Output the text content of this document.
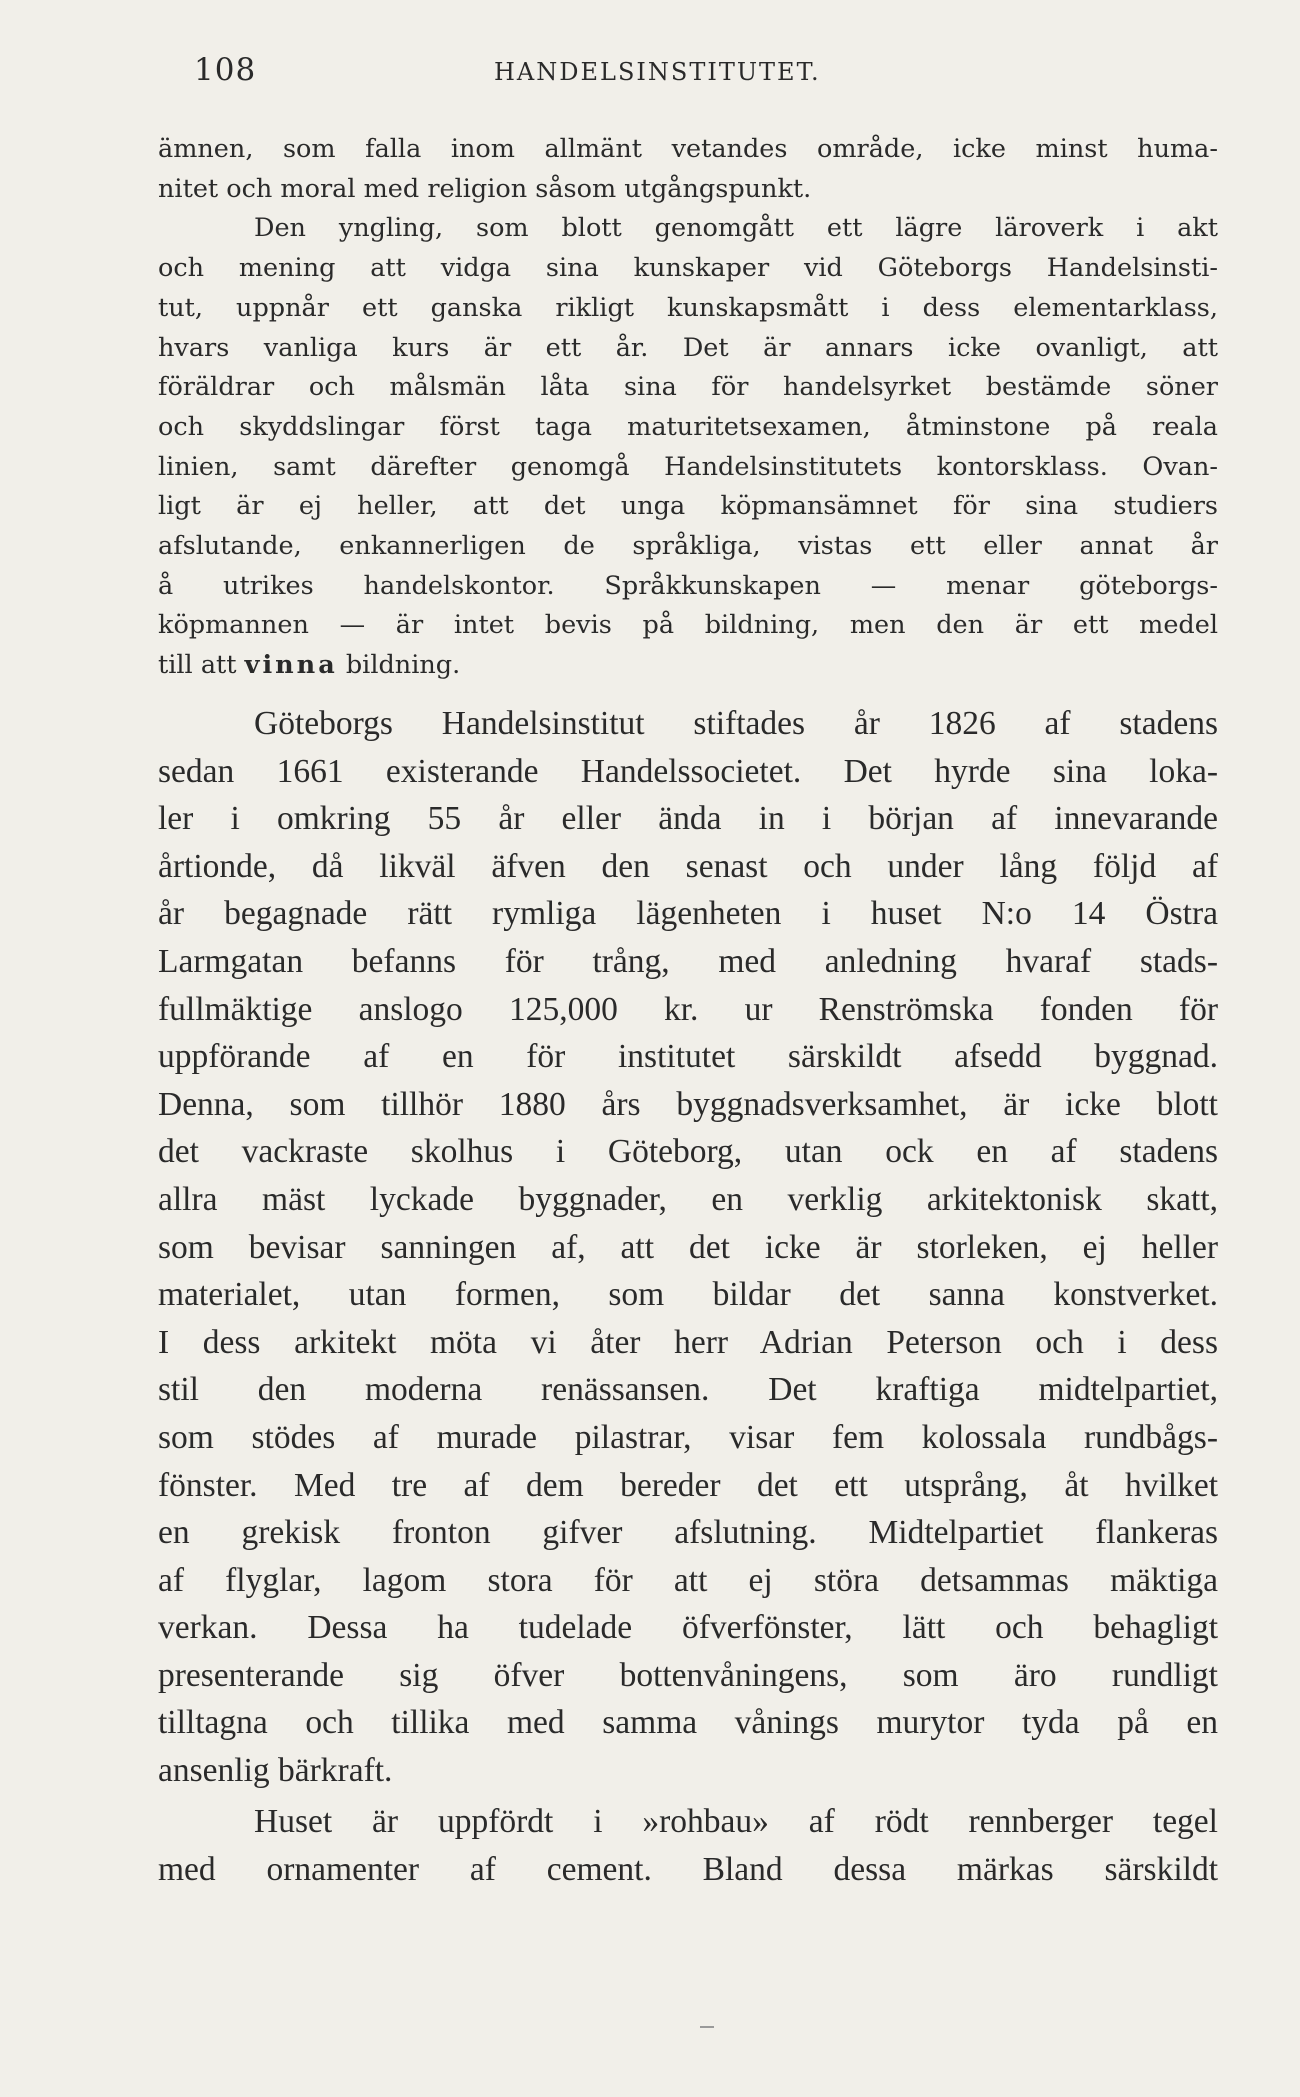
108	HANDELSINSTITUTET.
ämnen, som falla inom allmänt vetandes område, icke minst huma-
nitet och moral med religion såsom utgångspunkt.
Den yngling, som blott genomgått ett lägre läroverk i akt
och mening att vidga sina kunskaper vid Göteborgs Handelsinsti-
tut, uppnår ett ganska rikligt kunskapsmått i dess elementarklass,
hvars vanliga kurs är ett år. Det är annars icke ovanligt, att
föräldrar och målsmän låta sina för handelsyrket bestämde söner
och skyddslingar först taga maturitetsexamen, åtminstone på reala
linien, samt därefter genomgå Handelsinstitutets kontorsklass. Ovan-
ligt är ej heller, att det unga köpmansämnet för sina studiers
afslutande, enkannerligen de språkliga, vistas ett eller annat år
å utrikes handelskontor. Språkkunskapen — menar göteborgs-
köpmannen — är intet bevis på bildning, men den är ett medel
till att vinna bildning.
Göteborgs Handelsinstitut stiftades år 1826 af stadens
sedan 1661 existerande Handelssocietet. Det hyrde sina loka-
ler i omkring 55 år eller ända in i början af innevarande
årtionde, då likväl äfven den senast och under lång följd af
år begagnade rätt rymliga lägenheten i huset N:o 14 Östra
Larmgatan befanns för trång, med anledning hvaraf stads-
fullmäktige anslogo 125,000 kr. ur Renströmska fonden för
uppförande af en för institutet särskildt afsedd byggnad.
Denna, som tillhör 1880 års byggnadsverksamhet, är icke blott
det vackraste skolhus i Göteborg, utan ock en af stadens
allra mäst lyckade byggnader, en verklig arkitektonisk skatt,
som bevisar sanningen af, att det icke är storleken, ej heller
materialet, utan formen, som bildar det sanna konstverket.
I dess arkitekt möta vi åter herr Adrian Peterson och i dess
stil den moderna renässansen. Det kraftiga midtelpartiet,
som stödes af murade pilastrar, visar fem kolossala rundbågs-
fönster. Med tre af dem bereder det ett utsprång, åt hvilket
en grekisk fronton gifver afslutning. Midtelpartiet flankeras
af flyglar, lagom stora för att ej störa detsammas mäktiga
verkan. Dessa ha tudelade öfverfönster, lätt och behagligt
presenterande sig öfver bottenvåningens, som äro rundligt
tilltagna och tillika med samma vånings murytor tyda på en
ansenlig bärkraft.
Huset är uppfördt i »rohbau» af rödt rennberger tegel
med ornamenter af cement. Bland dessa märkas särskildt
